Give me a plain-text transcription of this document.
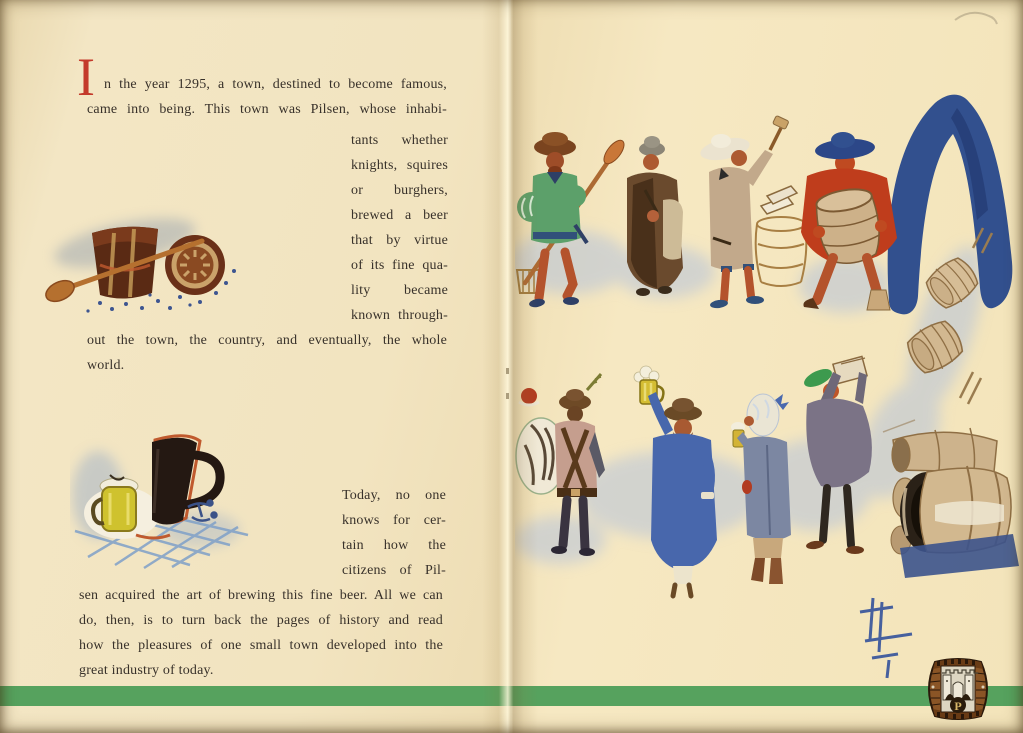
I n the year 1295, a town, destined to become famous,
came into being. This town was Pilsen, whose inhabi-
tants whether
knights, squires
or burghers,
brewed a beer
that by virtue
of its fine qua-
lity became
known through-
out the town, the country, and eventually, the whole
world.
Today, no one
knows for cer-
tain how the
citizens of Pil-
sen acquired the art of brewing this fine beer. All we can
do, then, is to turn back the pages of history and read
how the pleasures of one small town developed into the
great industry of today.
P
